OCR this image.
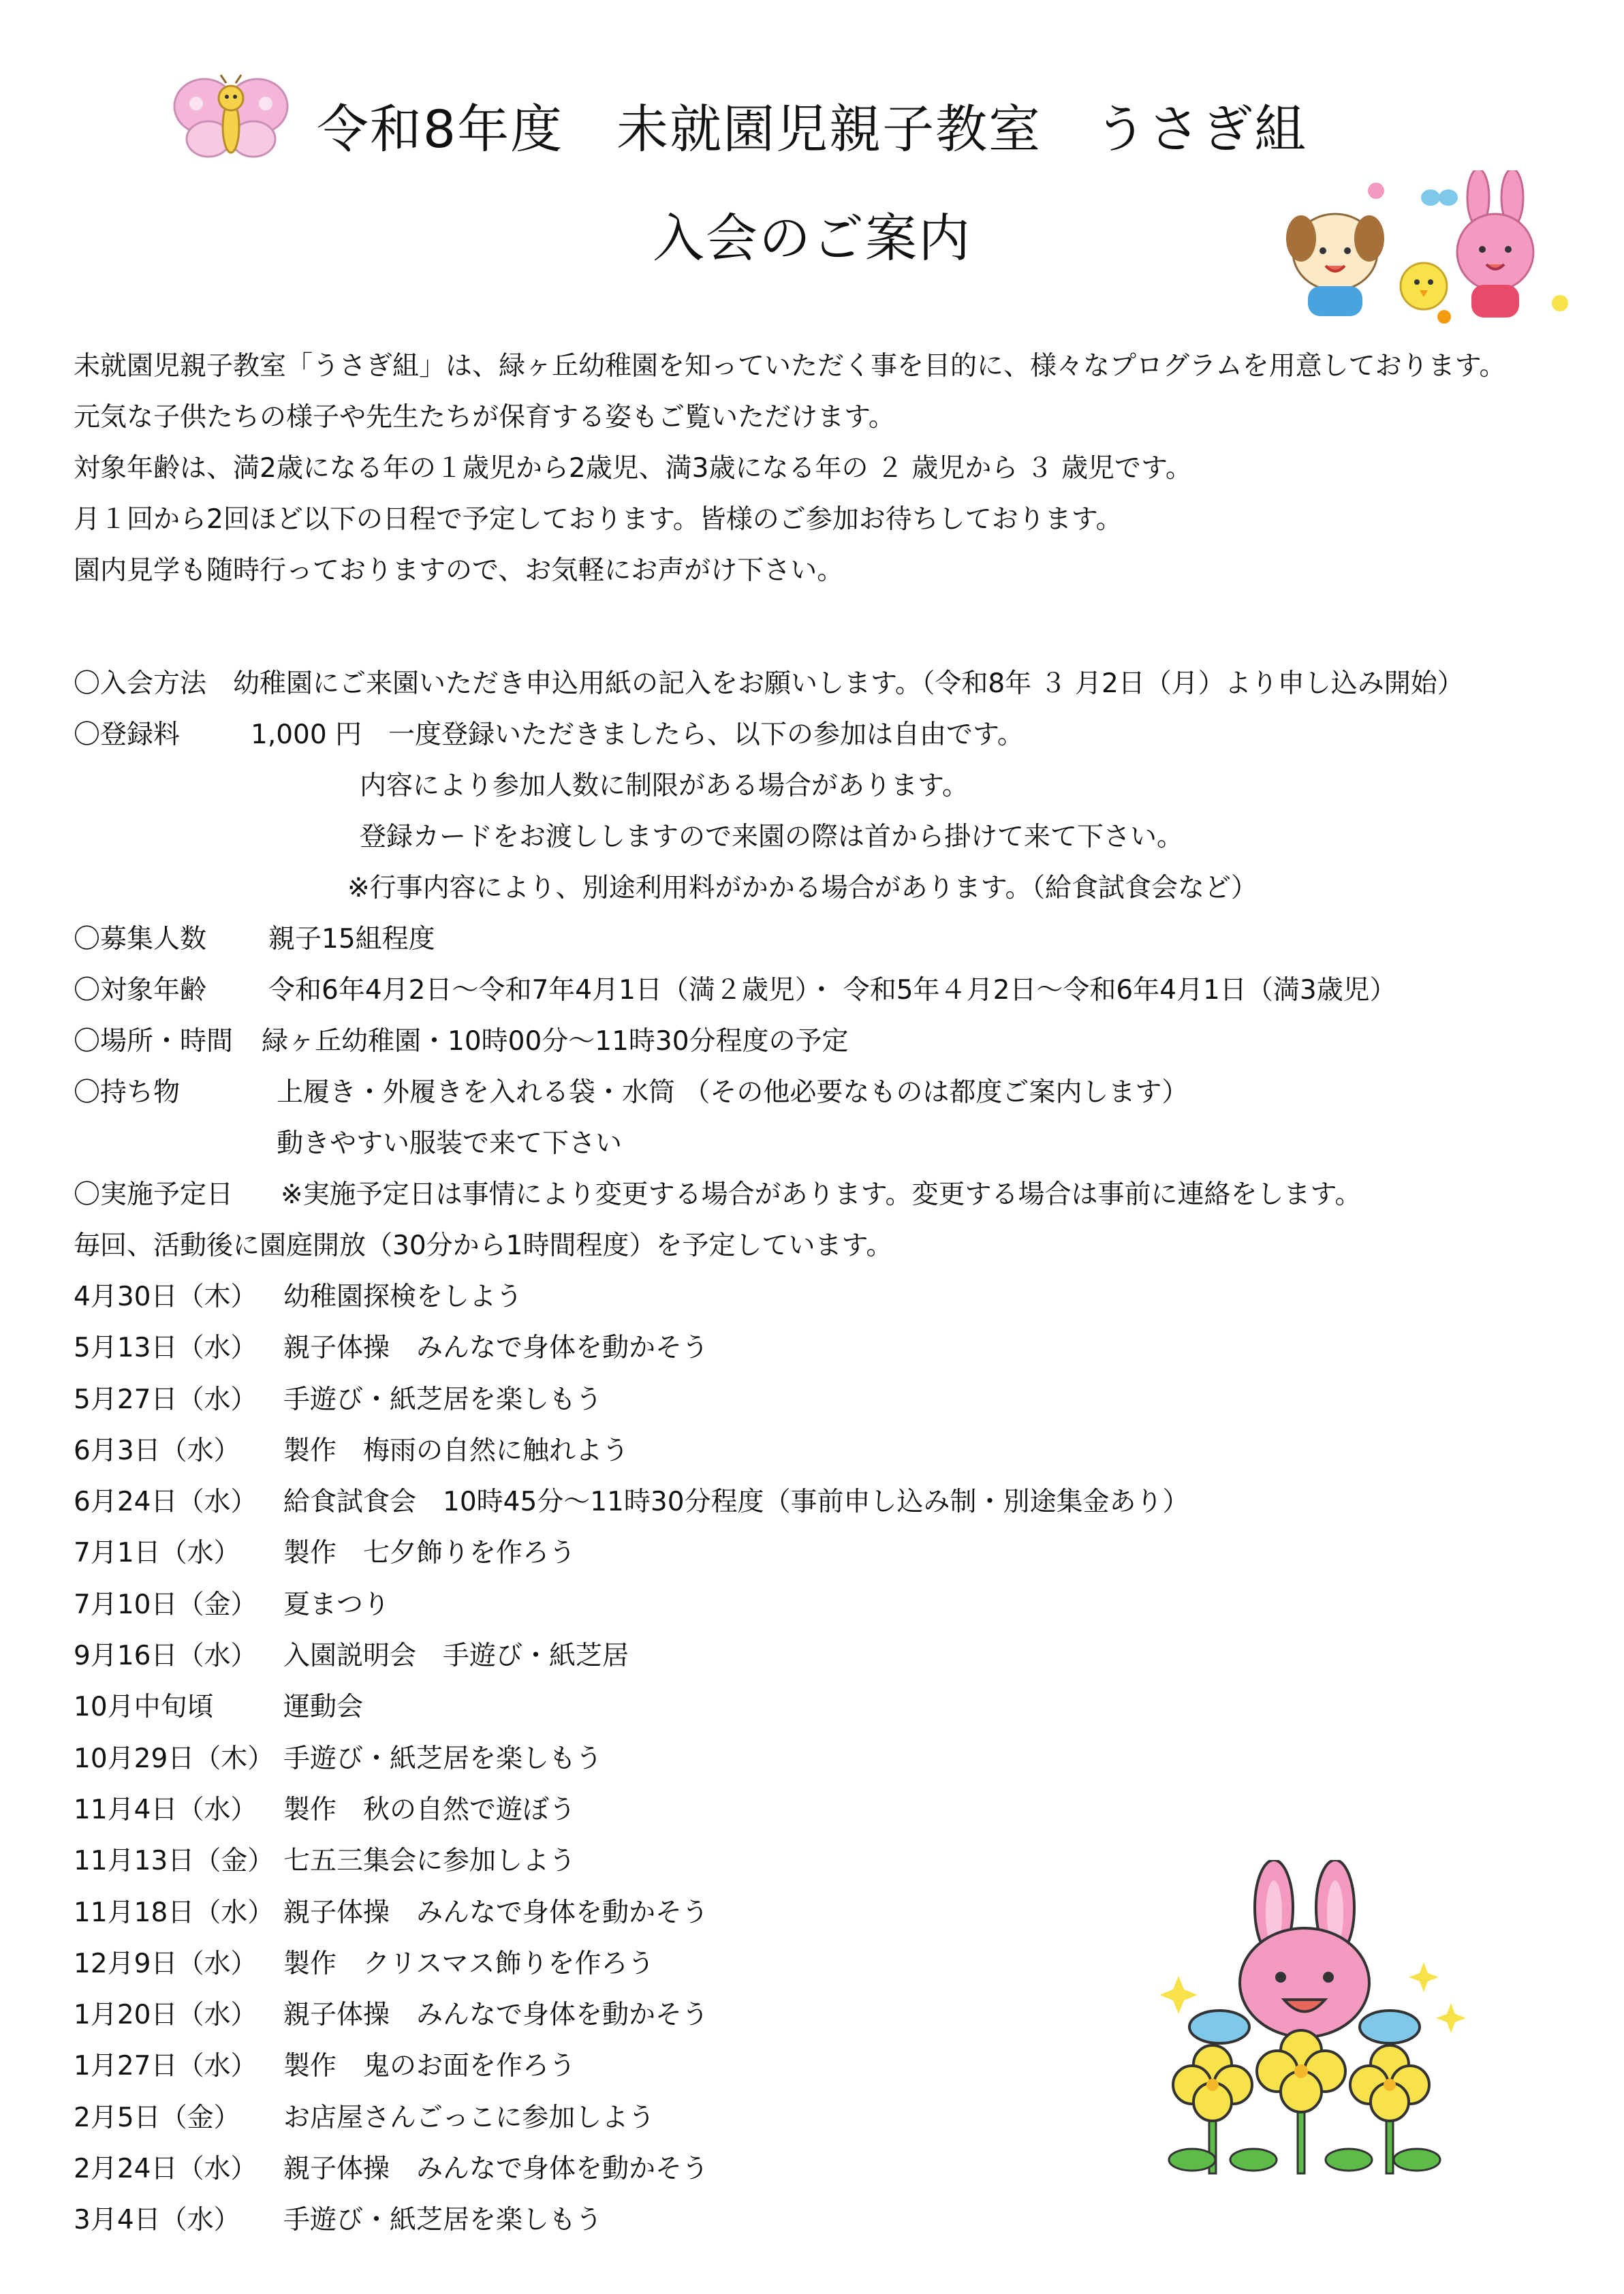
令和8年度　未就園児親子教室　うさぎ組
入会のご案内

未就園児親子教室「うさぎ組」は、緑ヶ丘幼稚園を知っていただく事を目的に、様々なプログラムを用意しております。

元気な子供たちの様子や先生たちが保育する姿もご覧いただけます。

対象年齢は、満2歳になる年の１歳児から2歳児、満3歳になる年の ２ 歳児から ３ 歳児です。

月１回から2回ほど以下の日程で予定しております。皆様のご参加お待ちしております。

園内見学も随時行っておりますので、お気軽にお声がけ下さい。

〇入会方法 幼稚園にご来園いただき申込用紙の記入をお願いします。（令和8年 ３ 月2日（月）より申し込み開始）
〇登録料	1,000 円　一度登録いただきましたら、以下の参加は自由です。
内容により参加人数に制限がある場合があります。
登録カードをお渡ししますので来園の際は首から掛けて来て下さい。
※行事内容により、別途利用料がかかる場合があります。（給食試食会など）
〇募集人数 親子15組程度
〇対象年齢 令和6年4月2日～令和7年4月1日（満２歳児）・ 令和5年４月2日～令和6年4月1日（満3歳児）
〇場所・時間 緑ヶ丘幼稚園・10時00分～11時30分程度の予定
〇持ち物	上履き・外履きを入れる袋・水筒 （その他必要なものは都度ご案内します）
動きやすい服装で来て下さい
〇実施予定日 ※実施予定日は事情により変更する場合があります。変更する場合は事前に連絡をします。
毎回、活動後に園庭開放（30分から1時間程度）を予定しています。
4月30日（木） 幼稚園探検をしよう
5月13日（水） 親子体操　みんなで身体を動かそう
5月27日（水） 手遊び・紙芝居を楽しもう
6月3日（水） 製作　梅雨の自然に触れよう
6月24日（水） 給食試食会　10時45分～11時30分程度（事前申し込み制・別途集金あり）
7月1日（水） 製作　七夕飾りを作ろう
7月10日（金） 夏まつり
9月16日（水） 入園説明会　手遊び・紙芝居
10月中旬頃	運動会
10月29日（木） 手遊び・紙芝居を楽しもう
11月4日（水） 製作　秋の自然で遊ぼう
11月13日（金） 七五三集会に参加しよう
11月18日（水） 親子体操　みんなで身体を動かそう
12月9日（水） 製作　クリスマス飾りを作ろう
1月20日（水） 親子体操　みんなで身体を動かそう
1月27日（水） 製作　鬼のお面を作ろう
2月5日（金） お店屋さんごっこに参加しよう
2月24日（水） 親子体操　みんなで身体を動かそう
3月4日（水） 手遊び・紙芝居を楽しもう
